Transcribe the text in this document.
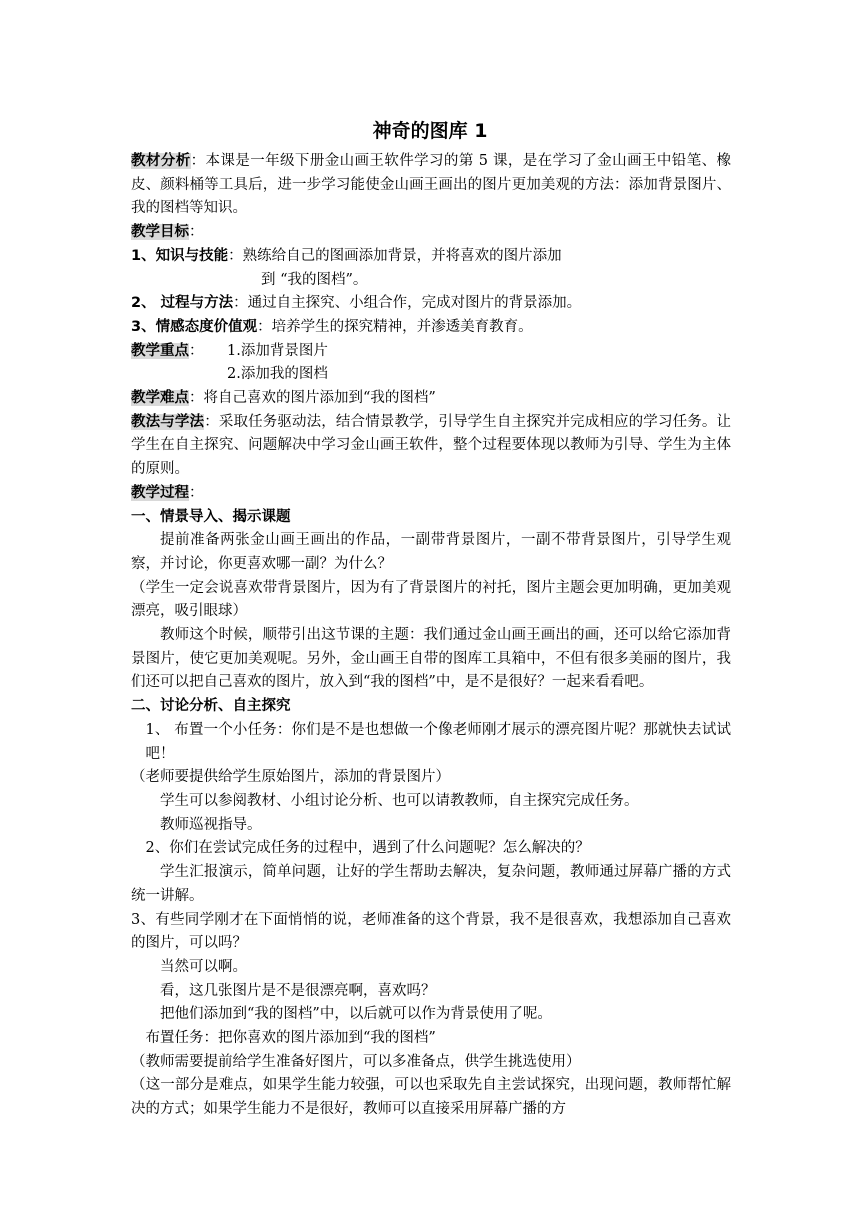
神奇的图库 1

教材分析：本课是一年级下册金山画王软件学习的第 5 课，是在学习了金山画王中铅笔、橡皮、颜料桶等工具后，进一步学习能使金山画王画出的图片更加美观的方法：添加背景图片、我的图档等知识。

教学目标：

1、知识与技能：熟练给自己的图画添加背景，并将喜欢的图片添加

到 “我的图档”。

2、 过程与方法：通过自主探究、小组合作，完成对图片的背景添加。

3、情感态度价值观：培养学生的探究精神，并渗透美育教育。

教学重点： 1.添加背景图片

2.添加我的图档

教学难点：将自己喜欢的图片添加到“我的图档”

教法与学法：采取任务驱动法，结合情景教学，引导学生自主探究并完成相应的学习任务。让学生在自主探究、问题解决中学习金山画王软件，整个过程要体现以教师为引导、学生为主体的原则。

教学过程：

一、情景导入、揭示课题

提前准备两张金山画王画出的作品，一副带背景图片，一副不带背景图片，引导学生观察，并讨论，你更喜欢哪一副？为什么？

（学生一定会说喜欢带背景图片，因为有了背景图片的衬托，图片主题会更加明确，更加美观漂亮，吸引眼球）

教师这个时候，顺带引出这节课的主题：我们通过金山画王画出的画，还可以给它添加背景图片，使它更加美观呢。另外，金山画王自带的图库工具箱中，不但有很多美丽的图片，我们还可以把自己喜欢的图片，放入到“我的图档”中，是不是很好？一起来看看吧。

二、讨论分析、自主探究

1、 布置一个小任务：你们是不是也想做一个像老师刚才展示的漂亮图片呢？那就快去试试吧！

（老师要提供给学生原始图片，添加的背景图片）

学生可以参阅教材、小组讨论分析、也可以请教教师，自主探究完成任务。

教师巡视指导。

2、你们在尝试完成任务的过程中，遇到了什么问题呢？怎么解决的？

学生汇报演示，简单问题，让好的学生帮助去解决，复杂问题，教师通过屏幕广播的方式统一讲解。

3、有些同学刚才在下面悄悄的说，老师准备的这个背景，我不是很喜欢，我想添加自己喜欢的图片，可以吗？

当然可以啊。

看，这几张图片是不是很漂亮啊，喜欢吗？

把他们添加到“我的图档”中，以后就可以作为背景使用了呢。

布置任务：把你喜欢的图片添加到“我的图档”

（教师需要提前给学生准备好图片，可以多准备点，供学生挑选使用）

（这一部分是难点，如果学生能力较强，可以也采取先自主尝试探究，出现问题，教师帮忙解决的方式；如果学生能力不是很好，教师可以直接采用屏幕广播的方
